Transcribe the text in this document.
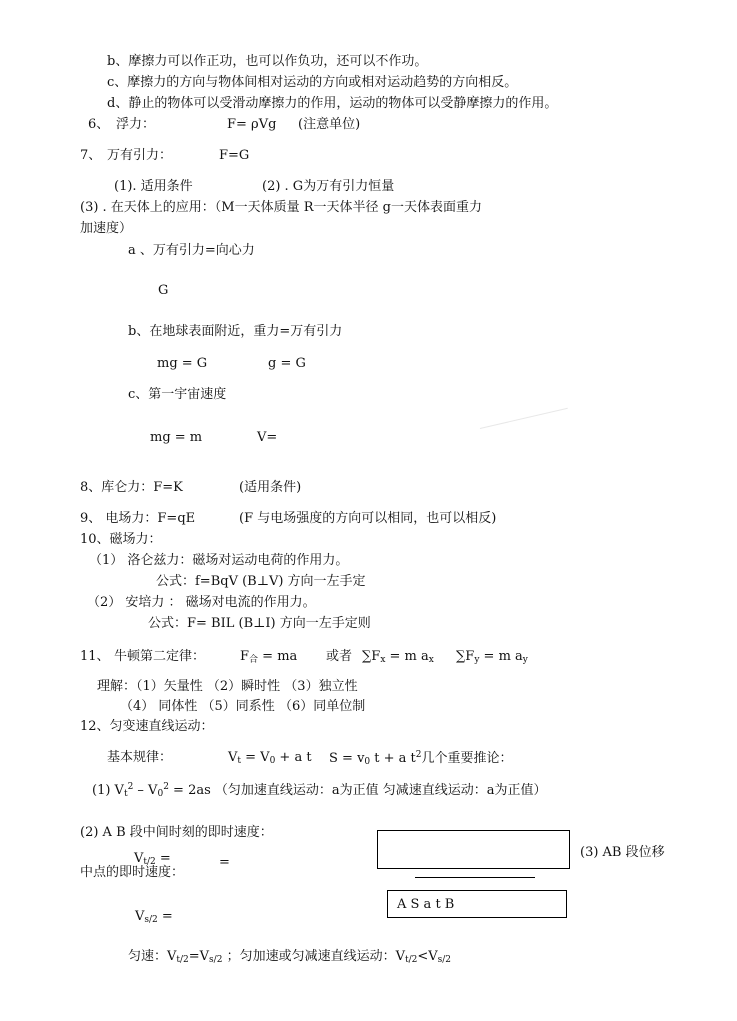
b、摩擦力可以作正功，也可以作负功，还可以不作功。
c、摩擦力的方向与物体间相对运动的方向或相对运动趋势的方向相反。
d、静止的物体可以受滑动摩擦力的作用，运动的物体可以受静摩擦力的作用。
6、 浮力：	F= ρVg (注意单位)
7、 万有引力：	F=G
(1). 适用条件	(2) . G为万有引力恒量
(3) . 在天体上的应用：（M一天体质量 R一天体半径 g一天体表面重力
加速度）
a 、万有引力=向心力
G
b、在地球表面附近，重力=万有引力
mg = G	g = G
c、第一宇宙速度
mg = m	V=
8、库仑力：F=K	(适用条件)
9、 电场力：F=qE	(F 与电场强度的方向可以相同，也可以相反)
10、磁场力：
（1） 洛仑兹力：磁场对运动电荷的作用力。
公式：f=BqV (B⊥V) 方向一左手定
（2） 安培力 ： 磁场对电流的作用力。
公式：F= BIL (B⊥I) 方向一左手定则
11、 牛顿第二定律：	$F_合$ = ma 或者 $\sum F_x = m$ $a_x$ $\sum F_y = m$ $a_y$
理解：（1）矢量性 （2）瞬时性 （3）独立性
（4） 同体性 （5）同系性 （6）同单位制
12、匀变速直线运动：
基本规律：	$V_t = V_0 + a$ t $S = v_0$ t + a $t^2$几个重要推论：
(1) $V_t^2 - V_0^2 = 2as$ （匀加速直线运动：a为正值 匀减速直线运动：a为正值）
(2) A B 段中间时刻的即时速度：
(3) AB 段位移
$V_{t/2}$ =	=
中点的即时速度：
A S a t B
$V_{s/2}$ =
匀速：$V_{t/2}=V_{s/2}$ ；匀加速或匀减速直线运动：$V_{t/2}<V_{s/2}$
